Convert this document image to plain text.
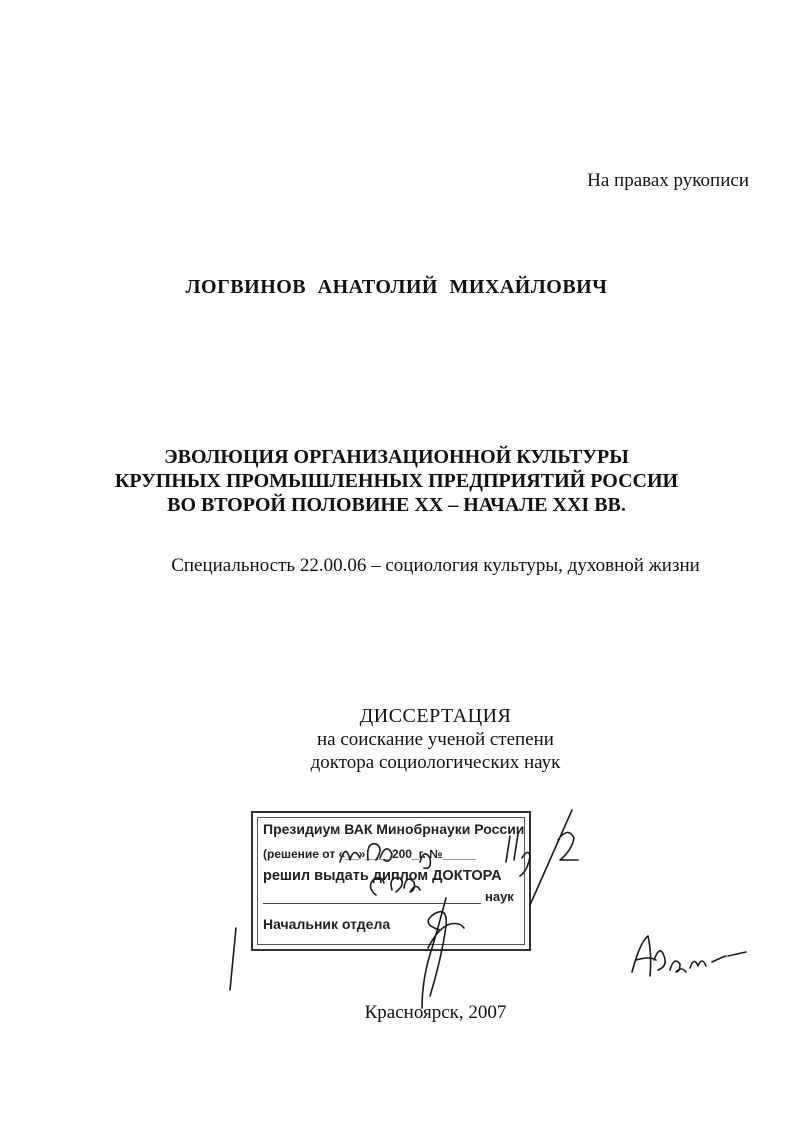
На правах рукописи
ЛОГВИНОВ АНАТОЛИЙ МИХАЙЛОВИЧ
ЭВОЛЮЦИЯ ОРГАНИЗАЦИОННОЙ КУЛЬТУРЫ
КРУПНЫХ ПРОМЫШЛЕННЫХ ПРЕДПРИЯТИЙ РОССИИ
ВО ВТОРОЙ ПОЛОВИНЕ XX – НАЧАЛЕ XXI ВВ.
Специальность 22.00.06 – социология культуры, духовной жизни
ДИССЕРТАЦИЯ
на соискание ученой степени
доктора социологических наук
Президиум ВАК Минобрнауки России
(решение от «__»____200_г. №_____
решил выдать диплом ДОКТОРА
наук
Начальник отдела
Красноярск, 2007
